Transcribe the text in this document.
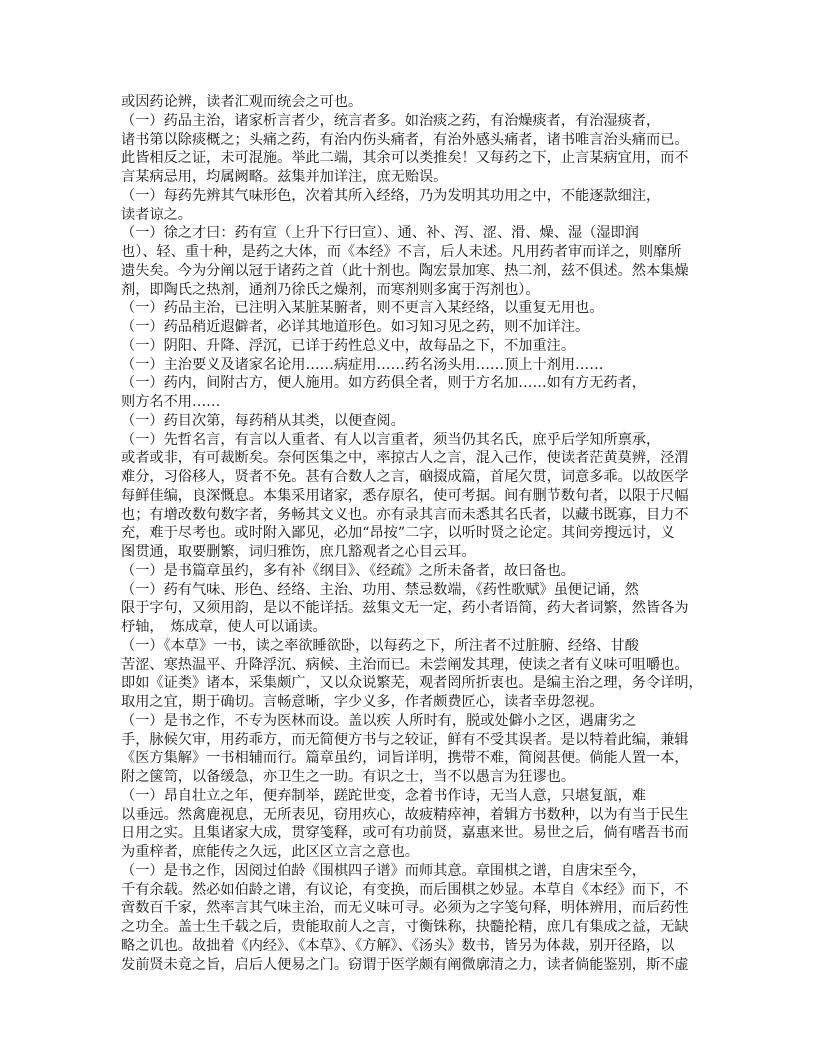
或因药论辨，读者汇观而统会之可也。
（一）药品主治，诸家析言者少，统言者多。如治痰之药，有治燥痰者，有治湿痰者，
诸书第以除痰概之；头痛之药，有治内伤头痛者，有治外感头痛者，诸书唯言治头痛而已。
此皆相反之证，未可混施。举此二端，其余可以类推矣！又每药之下，止言某病宜用，而不
言某病忌用，均属阙略。兹集并加详注，庶无贻误。
（一）每药先辨其气味形色，次着其所入经络，乃为发明其功用之中，不能逐款细注，
读者谅之。
（一）徐之才曰：药有宣（上升下行曰宣）、通、补、泻、涩、滑、燥、湿（湿即润
也）、轻、重十种，是药之大体，而《本经》不言，后人未述。凡用药者审而详之，则靡所
遗失矣。今为分阐以冠于诸药之首（此十剂也。陶宏景加寒、热二剂，兹不俱述。然本集燥
剂，即陶氏之热剂，通剂乃徐氏之燥剂，而寒剂则多寓于泻剂也）。
（一）药品主治，已注明入某脏某腑者，则不更言入某经络，以重复无用也。
（一）药品稍近遐僻者，必详其地道形色。如习知习见之药，则不加详注。
（一）阴阳、升降、浮沉，已详于药性总义中，故每品之下，不加重注。
（一）主治要义及诸家名论用……病症用……药名汤头用……顶上十剂用……
（一）药内，间附古方，便人施用。如方药俱全者，则于方名加……如有方无药者，
则方名不用……
（一）药目次第，每药稍从其类，以便查阅。
（一）先哲名言，有言以人重者、有人以言重者，须当仍其名氏，庶乎后学知所禀承，
或者或非，有可裁断矣。奈何医集之中，率掠古人之言，混入己作，使读者茫黄莫辨，泾渭
难分，习俗移人，贤者不免。甚有合数人之言，硇掇成篇，首尾欠贯，词意多乖。以故医学
每鲜佳编，良深慨息。本集采用诸家，悉存原名，使可考据。间有删节数句者，以限于尺幅
也；有增改数句数字者，务畅其文义也。亦有录其言而未悉其名氏者，以藏书既寡，目力不
充，难于尽考也。或时附入鄙见，必加“昂按”二字，以听时贤之论定。其间旁搜远讨，义
图贯通，取要删繁，词归雅饬，庶几豁观者之心目云耳。
（一）是书篇章虽约，多有补《纲目》、《经疏》之所未备者，故曰备也。
（一）药有气味、形色、经络、主治、功用、禁忌数端，《药性歌赋》虽便记诵，然
限于字句，又须用韵，是以不能详括。兹集文无一定，药小者语简，药大者词繁，然皆各为
杼轴，　炼成章，使人可以诵读。
（一）《本草》一书，读之率欲睡欲卧，以每药之下，所注者不过脏腑、经络、甘酸
苦涩、寒热温平、升降浮沉、病候、主治而已。未尝阐发其理，使读之者有义味可咀嚼也。
即如《证类》诸本，采集颇广，又以众说繁芜，观者罔所折衷也。是编主治之理，务令详明，
取用之宜，期于确切。言畅意晰，字少义多，作者颇费匠心，读者幸毋忽视。
（一）是书之作，不专为医林而设。盖以疾 人所时有，脱或处僻小之区，遇庸劣之
手，脉候欠审，用药乖方，而无简便方书与之较证，鲜有不受其误者。是以特着此编，兼辑
《医方集解》一书相辅而行。篇章虽约，词旨详明，携带不难，简阅甚便。倘能人置一本，
附之箧笥，以备缓急，亦卫生之一助。有识之士，当不以愚言为狂谬也。
（一）昂自壮立之年，便弃制举，蹉跎世变，念着书作诗，无当人意，只堪复瓿，难
以垂远。然禽鹿视息，无所表见，窃用疚心，故疲精瘁神，着辑方书数种，以为有当于民生
日用之实。且集诸家大成，贯穿笺释，或可有功前贤，嘉惠来世。易世之后，倘有嗜吾书而
为重梓者，庶能传之久远，此区区立言之意也。
（一）是书之作，因阅过伯龄《围棋四子谱》而师其意。章围棋之谱，自唐宋至今，
千有余载。然必如伯龄之谱，有议论，有变换，而后围棋之妙显。本草自《本经》而下，不
啻数百千家，然率言其气味主治，而无义味可寻。必须为之字笺句释，明体辨用，而后药性
之功全。盖士生千载之后，贵能取前人之言，寸衡铢称，抉髓抡精，庶几有集成之益，无缺
略之讥也。故拙着《内经》、《本草》、《方解》、《汤头》数书，皆另为体裁，别开径路，以
发前贤未竟之旨，启后人便易之门。窃谓于医学颇有阐微廓清之力，读者倘能鉴别，斯不虚
